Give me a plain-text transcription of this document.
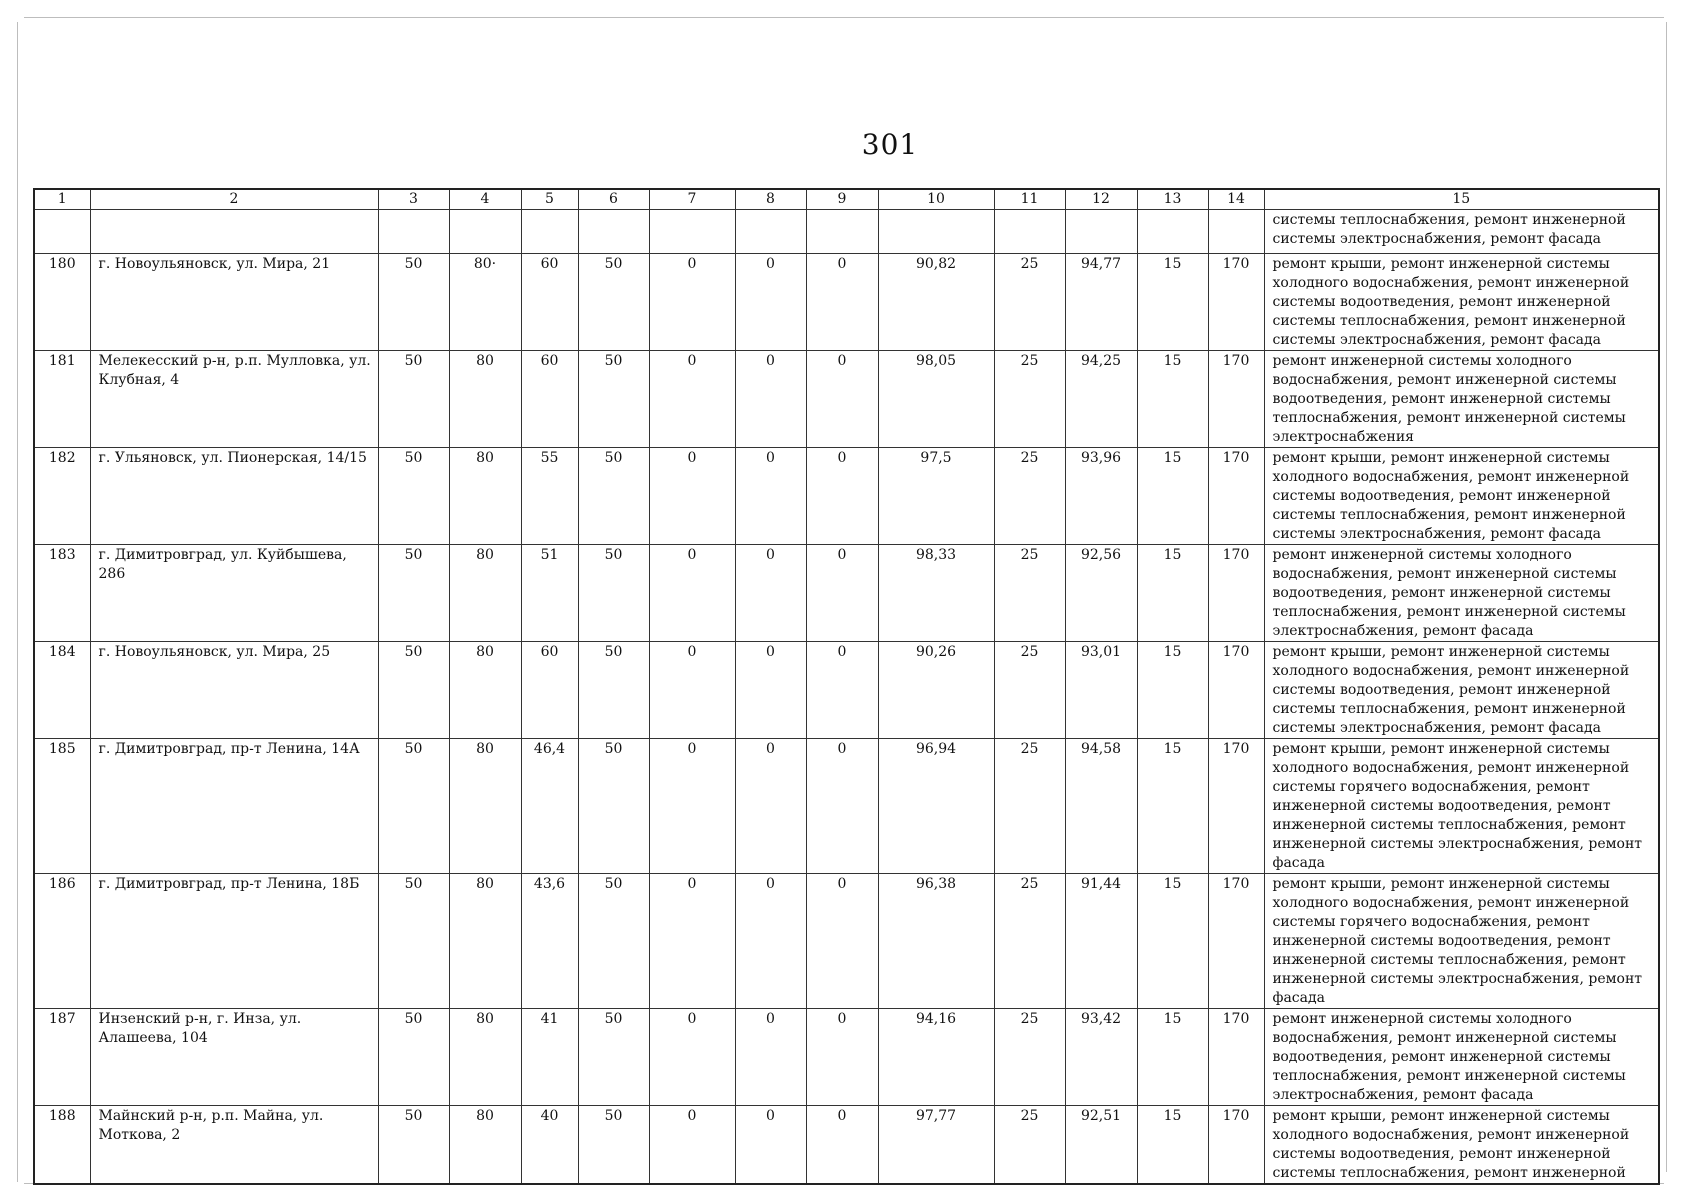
301
1	2	3	4	5	6	7	8	9	10	11	12	13	14	15
														системы теплоснабжения, ремонт инженерной системы электроснабжения, ремонт фасада
180	г. Новоульяновск, ул. Мира, 21	50	80·	60	50	0	0	0	90,82	25	94,77	15	170	ремонт крыши, ремонт инженерной системы холодного водоснабжения, ремонт инженерной системы водоотведения, ремонт инженерной системы теплоснабжения, ремонт инженерной системы электроснабжения, ремонт фасада
181	Мелекесский р-н, р.п. Мулловка, ул. Клубная, 4	50	80	60	50	0	0	0	98,05	25	94,25	15	170	ремонт инженерной системы холодного водоснабжения, ремонт инженерной системы водоотведения, ремонт инженерной системы теплоснабжения, ремонт инженерной системы электроснабжения
182	г. Ульяновск, ул. Пионерская, 14/15	50	80	55	50	0	0	0	97,5	25	93,96	15	170	ремонт крыши, ремонт инженерной системы холодного водоснабжения, ремонт инженерной системы водоотведения, ремонт инженерной системы теплоснабжения, ремонт инженерной системы электроснабжения, ремонт фасада
183	г. Димитровград, ул. Куйбышева, 286	50	80	51	50	0	0	0	98,33	25	92,56	15	170	ремонт инженерной системы холодного водоснабжения, ремонт инженерной системы водоотведения, ремонт инженерной системы теплоснабжения, ремонт инженерной системы электроснабжения, ремонт фасада
184	г. Новоульяновск, ул. Мира, 25	50	80	60	50	0	0	0	90,26	25	93,01	15	170	ремонт крыши, ремонт инженерной системы холодного водоснабжения, ремонт инженерной системы водоотведения, ремонт инженерной системы теплоснабжения, ремонт инженерной системы электроснабжения, ремонт фасада
185	г. Димитровград, пр-т Ленина, 14А	50	80	46,4	50	0	0	0	96,94	25	94,58	15	170	ремонт крыши, ремонт инженерной системы холодного водоснабжения, ремонт инженерной системы горячего водоснабжения, ремонт инженерной системы водоотведения, ремонт инженерной системы теплоснабжения, ремонт инженерной системы электроснабжения, ремонт фасада
186	г. Димитровград, пр-т Ленина, 18Б	50	80	43,6	50	0	0	0	96,38	25	91,44	15	170	ремонт крыши, ремонт инженерной системы холодного водоснабжения, ремонт инженерной системы горячего водоснабжения, ремонт инженерной системы водоотведения, ремонт инженерной системы теплоснабжения, ремонт инженерной системы электроснабжения, ремонт фасада
187	Инзенский р-н, г. Инза, ул. Алашеева, 104	50	80	41	50	0	0	0	94,16	25	93,42	15	170	ремонт инженерной системы холодного водоснабжения, ремонт инженерной системы водоотведения, ремонт инженерной системы теплоснабжения, ремонт инженерной системы электроснабжения, ремонт фасада
188	Майнский р-н, р.п. Майна, ул. Моткова, 2	50	80	40	50	0	0	0	97,77	25	92,51	15	170	ремонт крыши, ремонт инженерной системы холодного водоснабжения, ремонт инженерной системы водоотведения, ремонт инженерной системы теплоснабжения, ремонт инженерной
